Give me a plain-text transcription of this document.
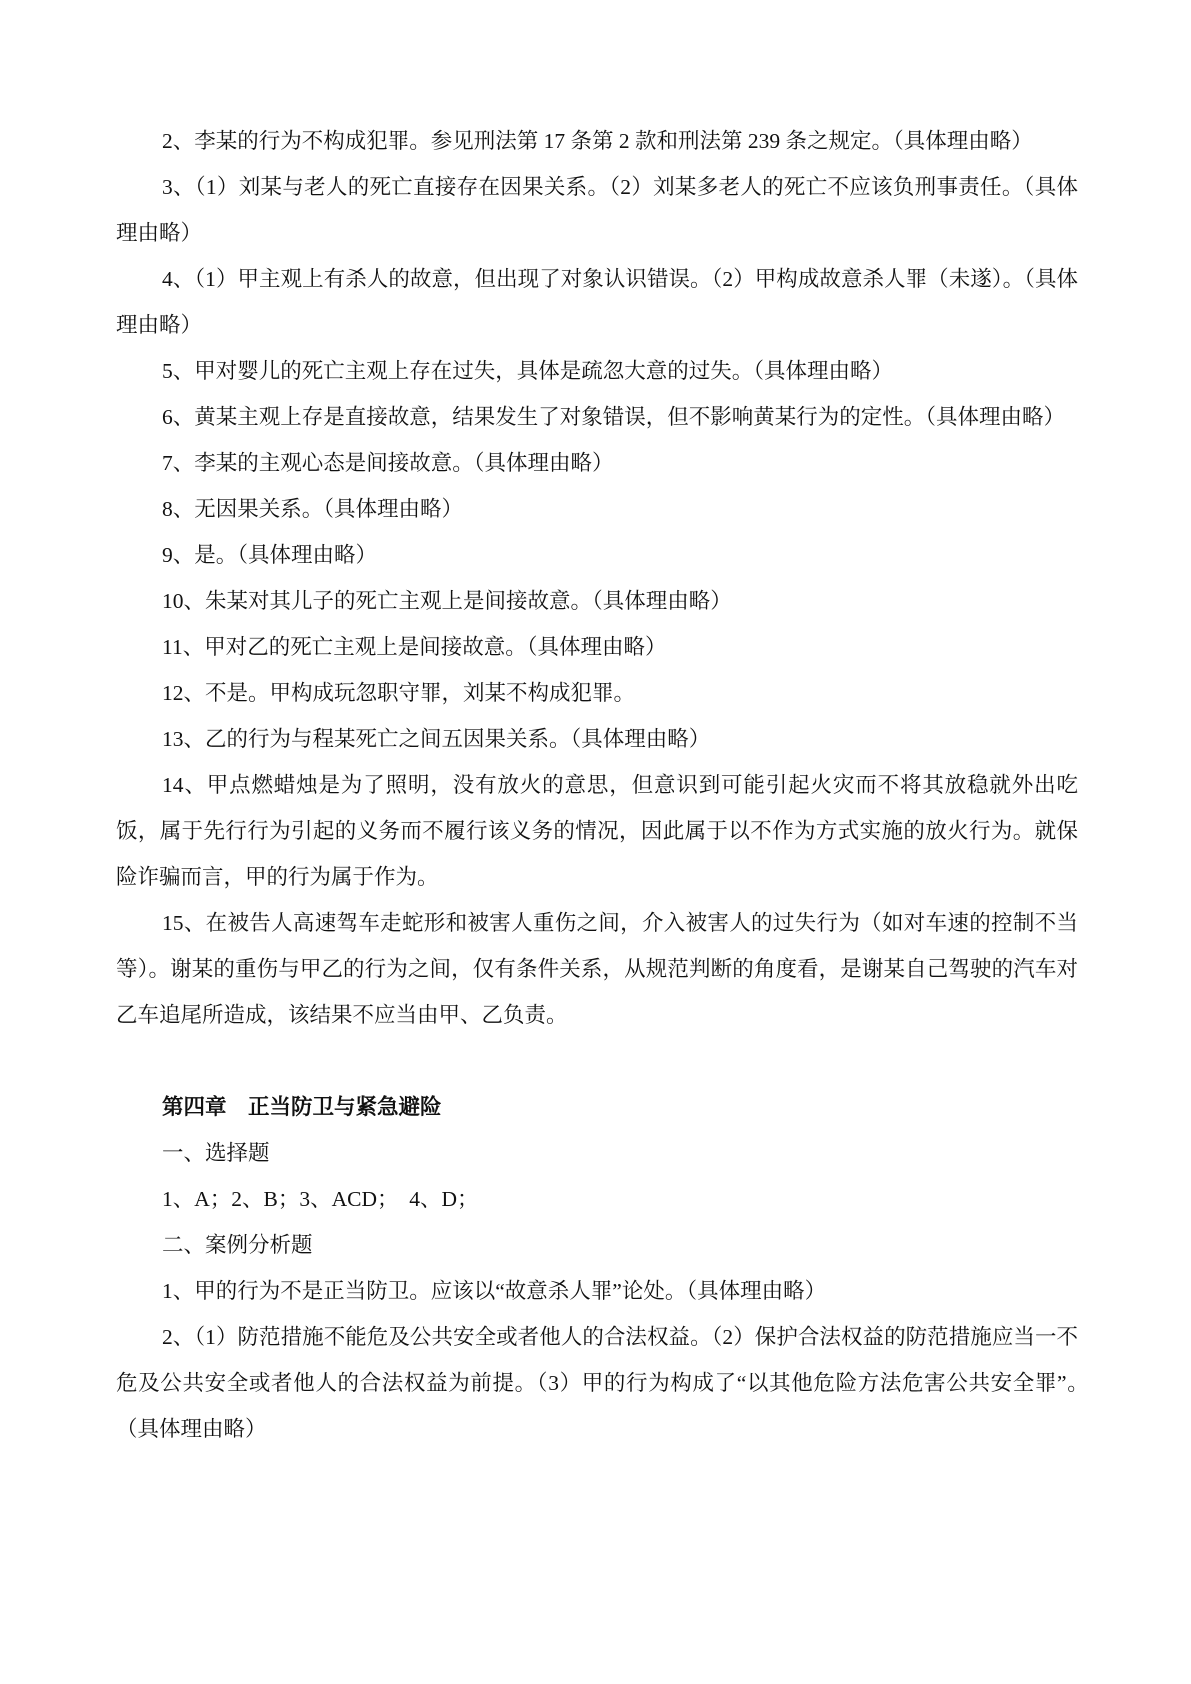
2、李某的行为不构成犯罪。参见刑法第 17 条第 2 款和刑法第 239 条之规定。（具体理由略）

3、（1）刘某与老人的死亡直接存在因果关系。（2）刘某多老人的死亡不应该负刑事责任。（具体理由略）

4、（1）甲主观上有杀人的故意，但出现了对象认识错误。（2）甲构成故意杀人罪（未遂）。（具体理由略）

5、甲对婴儿的死亡主观上存在过失，具体是疏忽大意的过失。（具体理由略）

6、黄某主观上存是直接故意，结果发生了对象错误，但不影响黄某行为的定性。（具体理由略）

7、李某的主观心态是间接故意。（具体理由略）

8、无因果关系。（具体理由略）

9、是。（具体理由略）

10、朱某对其儿子的死亡主观上是间接故意。（具体理由略）

11、甲对乙的死亡主观上是间接故意。（具体理由略）

12、不是。甲构成玩忽职守罪，刘某不构成犯罪。

13、乙的行为与程某死亡之间五因果关系。（具体理由略）

14、甲点燃蜡烛是为了照明，没有放火的意思，但意识到可能引起火灾而不将其放稳就外出吃饭，属于先行行为引起的义务而不履行该义务的情况，因此属于以不作为方式实施的放火行为。就保险诈骗而言，甲的行为属于作为。

15、在被告人高速驾车走蛇形和被害人重伤之间，介入被害人的过失行为（如对车速的控制不当等）。谢某的重伤与甲乙的行为之间，仅有条件关系，从规范判断的角度看，是谢某自己驾驶的汽车对乙车追尾所造成，该结果不应当由甲、乙负责。

第四章　正当防卫与紧急避险

一、选择题

1、A；2、B；3、ACD；　4、D；

二、案例分析题

1、甲的行为不是正当防卫。应该以“故意杀人罪”论处。（具体理由略）

2、（1）防范措施不能危及公共安全或者他人的合法权益。（2）保护合法权益的防范措施应当一不危及公共安全或者他人的合法权益为前提。（3）甲的行为构成了“以其他危险方法危害公共安全罪”。　（具体理由略）
